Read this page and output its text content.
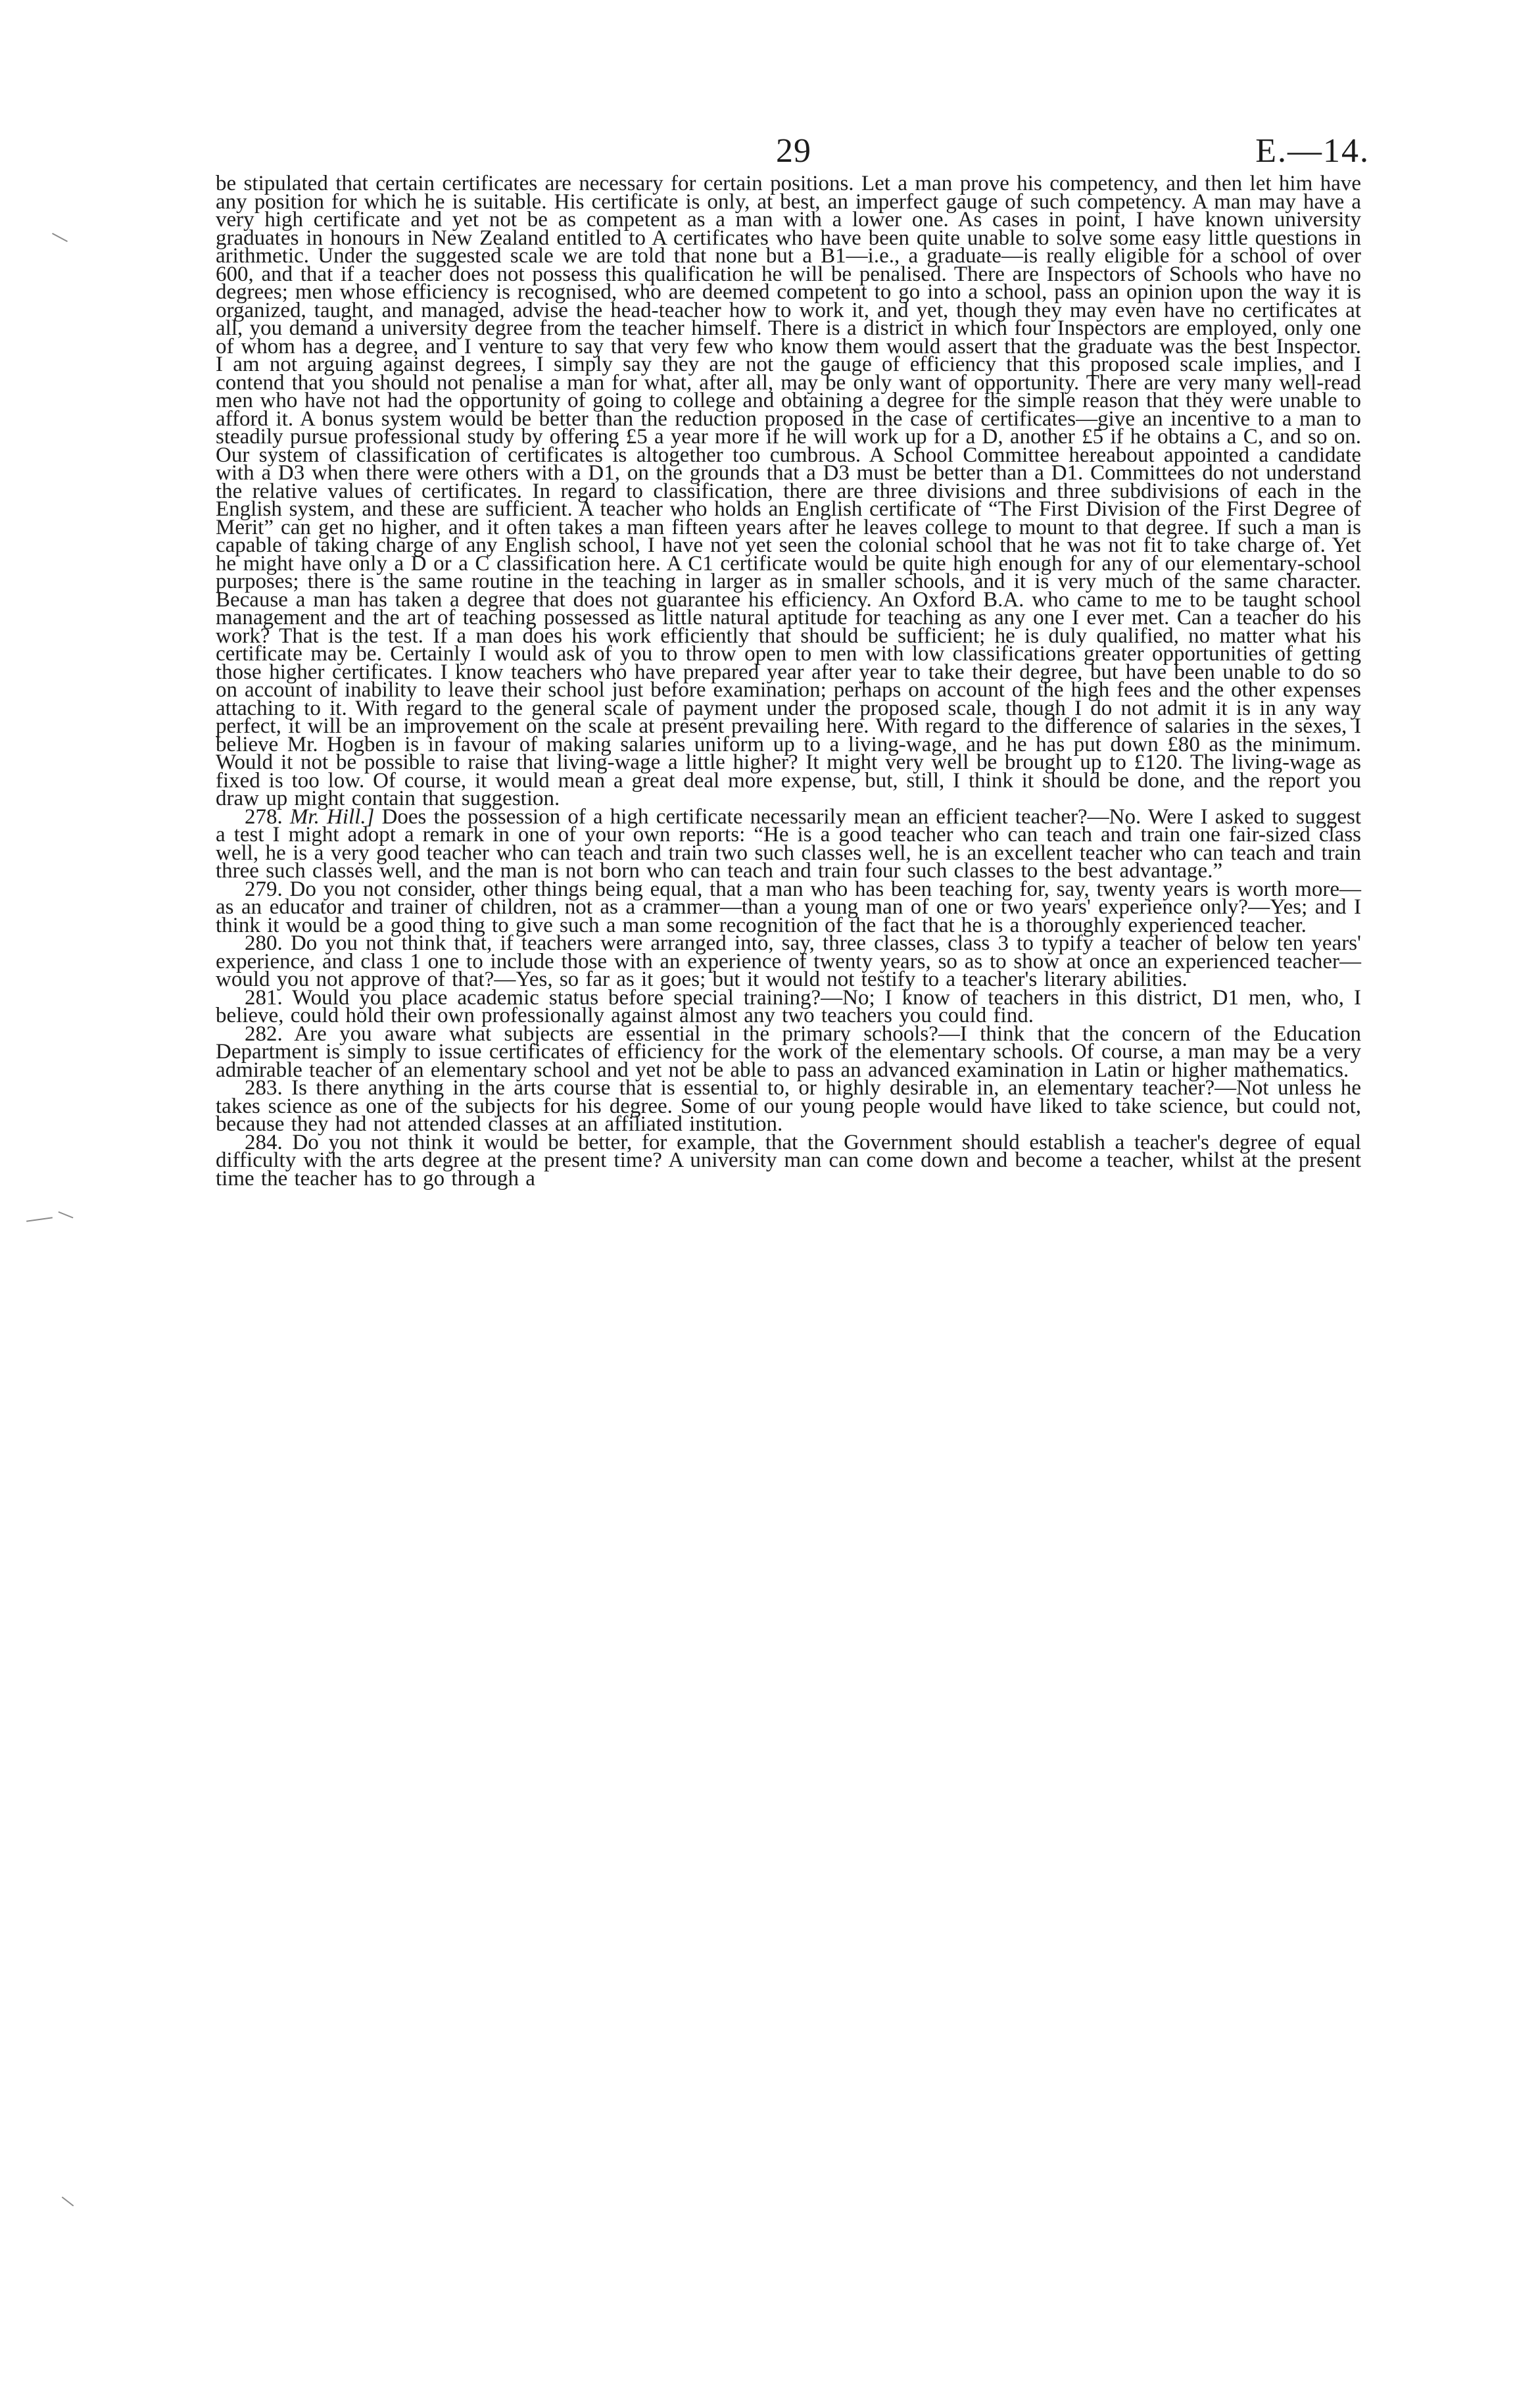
29	E.—14.

be stipulated that certain certificates are necessary for certain positions. Let a man prove his competency, and then let him have any position for which he is suitable. His certificate is only, at best, an imperfect gauge of such competency. A man may have a very high certificate and yet not be as competent as a man with a lower one. As cases in point, I have known university graduates in honours in New Zealand entitled to A certificates who have been quite unable to solve some easy little questions in arithmetic. Under the suggested scale we are told that none but a B1—i.e., a graduate—is really eligible for a school of over 600, and that if a teacher does not possess this qualification he will be penalised. There are Inspectors of Schools who have no degrees; men whose efficiency is recognised, who are deemed competent to go into a school, pass an opinion upon the way it is organized, taught, and managed, advise the head-teacher how to work it, and yet, though they may even have no certificates at all, you demand a university degree from the teacher himself. There is a district in which four Inspectors are employed, only one of whom has a degree, and I venture to say that very few who know them would assert that the graduate was the best Inspector. I am not arguing against degrees, I simply say they are not the gauge of efficiency that this proposed scale implies, and I contend that you should not penalise a man for what, after all, may be only want of opportunity. There are very many well-read men who have not had the opportunity of going to college and obtaining a degree for the simple reason that they were unable to afford it. A bonus system would be better than the reduction proposed in the case of certificates—give an incentive to a man to steadily pursue professional study by offering £5 a year more if he will work up for a D, another £5 if he obtains a C, and so on. Our system of classification of certificates is altogether too cumbrous. A School Committee hereabout appointed a candidate with a D3 when there were others with a D1, on the grounds that a D3 must be better than a D1. Committees do not understand the relative values of certificates. In regard to classification, there are three divisions and three subdivisions of each in the English system, and these are sufficient. A teacher who holds an English certificate of “The First Division of the First Degree of Merit” can get no higher, and it often takes a man fifteen years after he leaves college to mount to that degree. If such a man is capable of taking charge of any English school, I have not yet seen the colonial school that he was not fit to take charge of. Yet he might have only a D or a C classification here. A C1 certificate would be quite high enough for any of our elementary-school purposes; there is the same routine in the teaching in larger as in smaller schools, and it is very much of the same character. Because a man has taken a degree that does not guarantee his efficiency. An Oxford B.A. who came to me to be taught school management and the art of teaching possessed as little natural aptitude for teaching as any one I ever met. Can a teacher do his work? That is the test. If a man does his work efficiently that should be sufficient; he is duly qualified, no matter what his certificate may be. Certainly I would ask of you to throw open to men with low classifications greater opportunities of getting those higher certificates. I know teachers who have prepared year after year to take their degree, but have been unable to do so on account of inability to leave their school just before examination; perhaps on account of the high fees and the other expenses attaching to it. With regard to the general scale of payment under the proposed scale, though I do not admit it is in any way perfect, it will be an improvement on the scale at present prevailing here. With regard to the difference of salaries in the sexes, I believe Mr. Hogben is in favour of making salaries uniform up to a living-wage, and he has put down £80 as the minimum. Would it not be possible to raise that living-wage a little higher? It might very well be brought up to £120. The living-wage as fixed is too low. Of course, it would mean a great deal more expense, but, still, I think it should be done, and the report you draw up might contain that suggestion.

278. Mr. Hill.] Does the possession of a high certificate necessarily mean an efficient teacher?—No. Were I asked to suggest a test I might adopt a remark in one of your own reports: “He is a good teacher who can teach and train one fair-sized class well, he is a very good teacher who can teach and train two such classes well, he is an excellent teacher who can teach and train three such classes well, and the man is not born who can teach and train four such classes to the best advantage.”

279. Do you not consider, other things being equal, that a man who has been teaching for, say, twenty years is worth more—as an educator and trainer of children, not as a crammer—than a young man of one or two years' experience only?—Yes; and I think it would be a good thing to give such a man some recognition of the fact that he is a thoroughly experienced teacher.

280. Do you not think that, if teachers were arranged into, say, three classes, class 3 to typify a teacher of below ten years' experience, and class 1 one to include those with an experience of twenty years, so as to show at once an experienced teacher—would you not approve of that?—Yes, so far as it goes; but it would not testify to a teacher's literary abilities.

281. Would you place academic status before special training?—No; I know of teachers in this district, D1 men, who, I believe, could hold their own professionally against almost any two teachers you could find.

282. Are you aware what subjects are essential in the primary schools?—I think that the concern of the Education Department is simply to issue certificates of efficiency for the work of the elementary schools. Of course, a man may be a very admirable teacher of an elementary school and yet not be able to pass an advanced examination in Latin or higher mathematics.

283. Is there anything in the arts course that is essential to, or highly desirable in, an elementary teacher?—Not unless he takes science as one of the subjects for his degree. Some of our young people would have liked to take science, but could not, because they had not attended classes at an affiliated institution.

284. Do you not think it would be better, for example, that the Government should establish a teacher's degree of equal difficulty with the arts degree at the present time? A university man can come down and become a teacher, whilst at the present time the teacher has to go through a
